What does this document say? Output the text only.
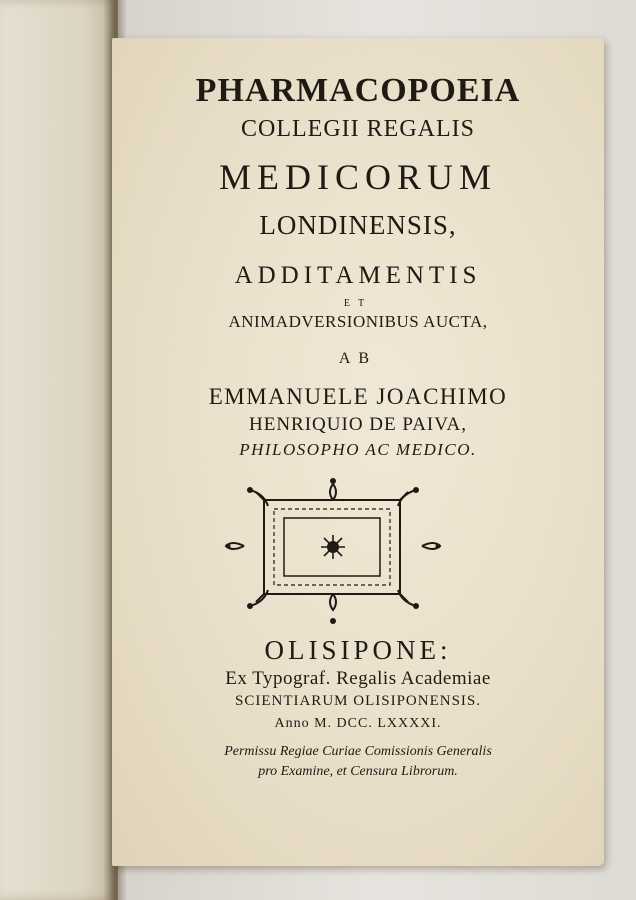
PHARMACOPOEIA
COLLEGII REGALIS
MEDICORUM
LONDINENSIS,
ADDITAMENTIS
ET
ANIMADVERSIONIBUS AUCTA,
AB
EMMANUELE JOACHIMO
HENRIQUIO DE PAIVA,
PHILOSOPHO AC MEDICO.
OLISIPONE:
Ex Typograf. Regalis Academiae
SCIENTIARUM OLISIPONENSIS.
Anno M. DCC. LXXXXI.
Permissu Regiae Curiae Comissionis Generalis
pro Examine, et Censura Librorum.
